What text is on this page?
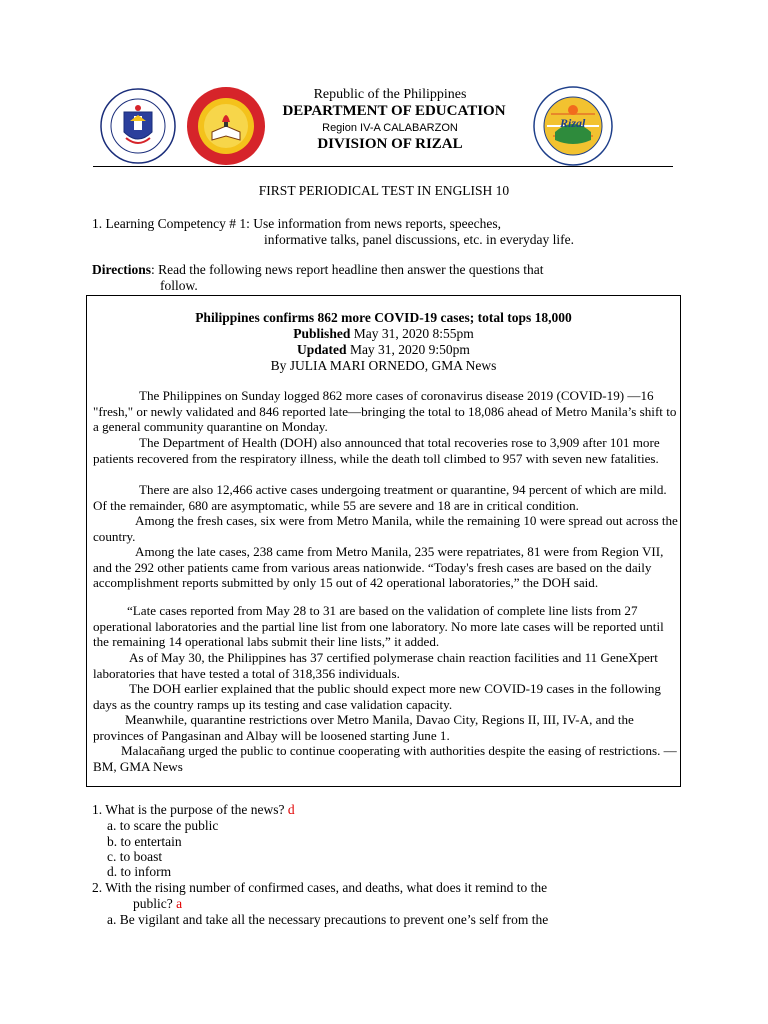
Rizal
Republic of the Philippines
DEPARTMENT OF EDUCATION
Region IV-A CALABARZON
DIVISION OF RIZAL
FIRST PERIODICAL TEST IN ENGLISH 10
1. Learning Competency # 1: Use information from news reports, speeches,
informative talks, panel discussions, etc. in everyday life.
Directions: Read the following news report headline then answer the questions that
follow.
Philippines confirms 862 more COVID-19 cases; total tops 18,000
Published May 31, 2020 8:55pm
Updated May 31, 2020 9:50pm
By JULIA MARI ORNEDO, GMA News

The Philippines on Sunday logged 862 more cases of coronavirus disease 2019 (COVID-19) —16 "fresh," or newly validated and 846 reported late—bringing the total to 18,086 ahead of Metro Manila’s shift to a general community quarantine on Monday.

The Department of Health (DOH) also announced that total recoveries rose to 3,909 after 101 more patients recovered from the respiratory illness, while the death toll climbed to 957 with seven new fatalities.

There are also 12,466 active cases undergoing treatment or quarantine, 94 percent of which are mild. Of the remainder, 680 are asymptomatic, while 55 are severe and 18 are in critical condition.

Among the fresh cases, six were from Metro Manila, while the remaining 10 were spread out across the country.

Among the late cases, 238 came from Metro Manila, 235 were repatriates, 81 were from Region VII, and the 292 other patients came from various areas nationwide. “Today's fresh cases are based on the daily accomplishment reports submitted by only 15 out of 42 operational laboratories,” the DOH said.

“Late cases reported from May 28 to 31 are based on the validation of complete line lists from 27 operational laboratories and the partial line list from one laboratory. No more late cases will be reported until the remaining 14 operational labs submit their line lists,” it added.

As of May 30, the Philippines has 37 certified polymerase chain reaction facilities and 11 GeneXpert laboratories that have tested a total of 318,356 individuals.

The DOH earlier explained that the public should expect more new COVID-19 cases in the following days as the country ramps up its testing and case validation capacity.

Meanwhile, quarantine restrictions over Metro Manila, Davao City, Regions II, III, IV-A, and the provinces of Pangasinan and Albay will be loosened starting June 1.

Malacañang urged the public to continue cooperating with authorities despite the easing of restrictions. — BM, GMA News

1. What is the purpose of the news? d
a. to scare the public
b. to entertain
c. to boast
d. to inform
2. With the rising number of confirmed cases, and deaths, what does it remind to the
public? a
a. Be vigilant and take all the necessary precautions to prevent one’s self from the
